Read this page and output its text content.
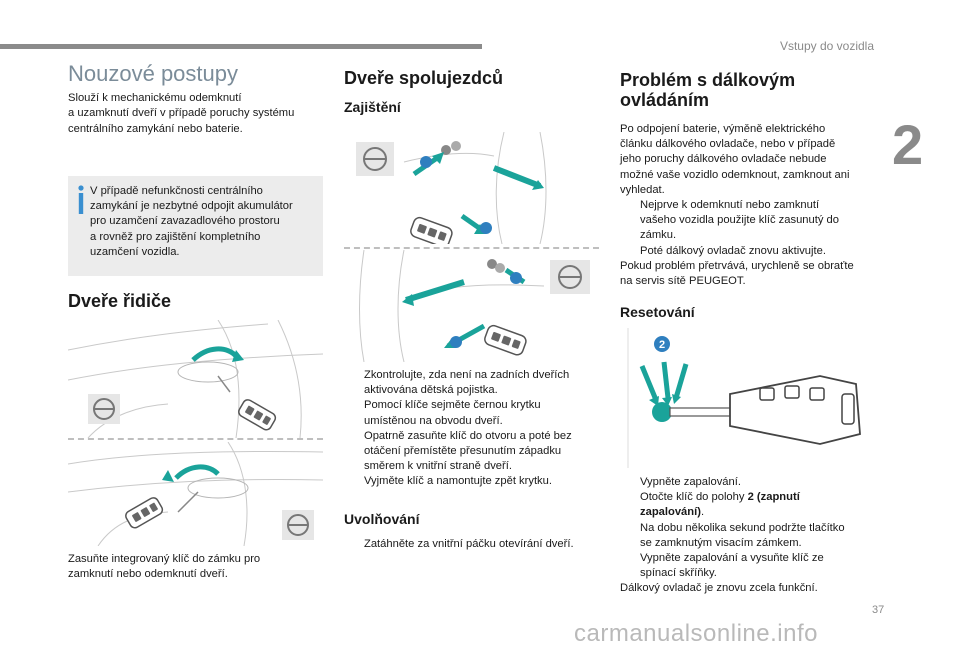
Vstupy do vozidla
2
Nouzové postupy

Slouží k mechanickému odemknutí
a uzamknutí dveří v případě poruchy systému
centrálního zamykání nebo baterie.

V případě nefunkčnosti centrálního
zamykání je nezbytné odpojit akumulátor
pro uzamčení zavazadlového prostoru
a rovněž pro zajištění kompletního
uzamčení vozidla.
Dveře řidiče
Zasuňte integrovaný klíč do zámku pro
zamknutí nebo odemknutí dveří.
Dveře spolujezdců
Zajištění
Zkontrolujte, zda není na zadních dveřích
aktivována dětská pojistka.
Pomocí klíče sejměte černou krytku
umístěnou na obvodu dveří.
Opatrně zasuňte klíč do otvoru a poté bez
otáčení přemístěte přesunutím západku
směrem k vnitřní straně dveří.
Vyjměte klíč a namontujte zpět krytku.
Uvolňování
Zatáhněte za vnitřní páčku otevírání dveří.
Problém s dálkovým
ovládáním

Po odpojení baterie, výměně elektrického
článku dálkového ovladače, nebo v případě
jeho poruchy dálkového ovladače nebude
možné vaše vozidlo odemknout, zamknout ani
vyhledat.

Nejprve k odemknutí nebo zamknutí
vašeho vozidla použijte klíč zasunutý do
zámku.
Poté dálkový ovladač znovu aktivujte.

Pokud problém přetrvává, urychleně se obraťte
na servis sítě PEUGEOT.

Resetování
2
Vypněte zapalování.
Otočte klíč do polohy 2 (zapnutí
zapalování).
Na dobu několika sekund podržte tlačítko
se zamknutým visacím zámkem.
Vypněte zapalování a vysuňte klíč ze
spínací skříňky.

Dálkový ovladač je znovu zcela funkční.

37
carmanualsonline.info
